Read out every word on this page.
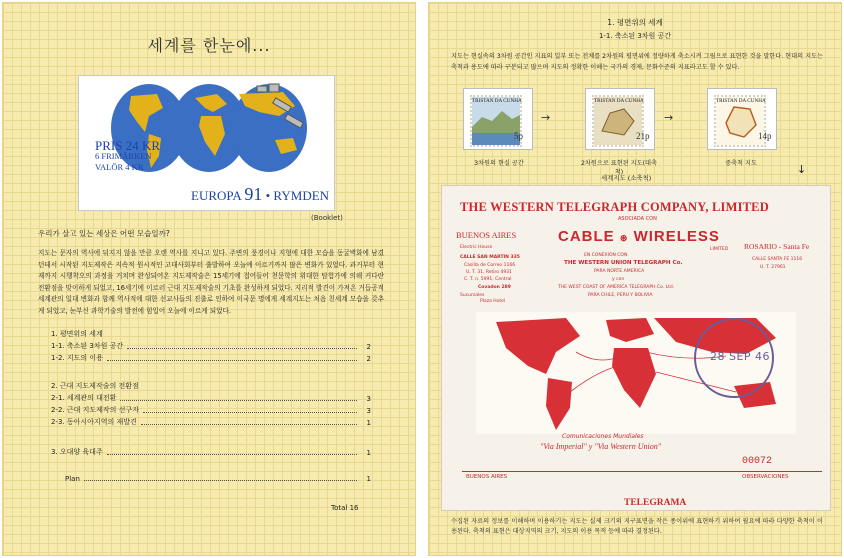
세계를 한눈에...
PRIS 24 KR
6 FRIMÄRKEN
VALÖR 4 KR
EUROPA 91 • RYMDEN
(Booklet)
우리가 살고 있는 세상은 어떤 모습일까?
지도는 문자의 역사에 뒤지지 않을 만큼 오랜 역사를 지니고 있다. 주변의 풍경이나 지형에 대한 모습을 동굴벽화에 남겼던데서 시작된 지도제작은 지속적 원시적인 고대사회부터 출발하여 오늘에 이르기까지 많은 변화가 있었다. 과거부터 현재까지 시행착오의 과정을 거치며 완성되어온 지도제작술은 15세기에 접어들어 천문학의 위대한 탐험가에 의해 커다란 전환점을 맞이하게 되었고, 16세기에 이르러 근대 지도제작술의 기초를 완성하게 되었다. 지리적 발견이 가져온 거듭공적 세계관의 일대 변화과 함께 역사적에 대한 선교사들의 진출로 인하여 이국문 명에게 세계지도는 처음 친세계 모습을 갖추게 되었고, 눈부신 과학기술의 발전에 힘입어 오늘에 이르게 되었다.
1. 평면위의 세계
1-1. 축소된 3차원 공간	2
1-2. 지도의 이용	2
2. 근대 지도제작술의 전환점
2-1. 세계관의 대전환	3
2-2. 근대 지도제작의 선구자	3
2-3. 동아시아지역의 재발견	1
3. 오대양 육대주	1
Plan	1
Total 16
1. 평면위의 세계
1-1. 축소된 3차원 공간
지도는 현실속의 3차원 공간인 지표의 일부 또는 전체를 2차원의 평면위에 정량하게 축소시켜 그림으로 표현한 것을 말한다. 현대의 지도는 축척과 용도에 따라 구분되고 많으며 지도의 정확한 이해는 국가의 경제, 문화수준의 지표라고도 할 수 있다.
TRISTAN DA CUNHA
5p
→
TRISTAN DA CUNHA
21p
→
TRISTAN DA CUNHA
14p
3차원의 현실 공간	2차원으로 표현된 지도(대축척)
중축척 지도	↓
세계지도 (소축척)
THE WESTERN TELEGRAPH COMPANY, LIMITED
ASOCIADA CON
BUENOS AIRES	CABLE ⊛ WIRELESS
LIMITED
EN CONEXION CON
THE WESTERN UNION TELEGRAPH Co.
PARA NORTE AMERICA
y con
THE WEST COAST OF AMERICA TELEGRAPH Co. Ltd.
PARA CHILE, PERU Y BOLIVIA
ROSARIO - Santa Fe
CALLE SANTA FE 1116
U. T. 27961
Electric House
CALLE SAN MARTIN 335
Casilla de Correo 1166
U. T. 31, Retiro 4931
C. T. n. 5991, Central
Covadon 289
Sucursales
Plaza Hotel
28 SEP 46
Comunicaciones Mundiales
"Via Imperial" y "Via Western Union"
00072
BUENOS AIRES	OBSERVACIONES
TELEGRAMA
수집된 자료의 정보를 이해하며 이용하기는 지도는 실제 크기의 지구표면을 작은 종이위에 표현하기 위하여 필요에 따라 다양한 축척이 이용된다. 축척의 표현은 대상지역의 크기, 지도의 이용 목적 등에 따라 결정된다.
